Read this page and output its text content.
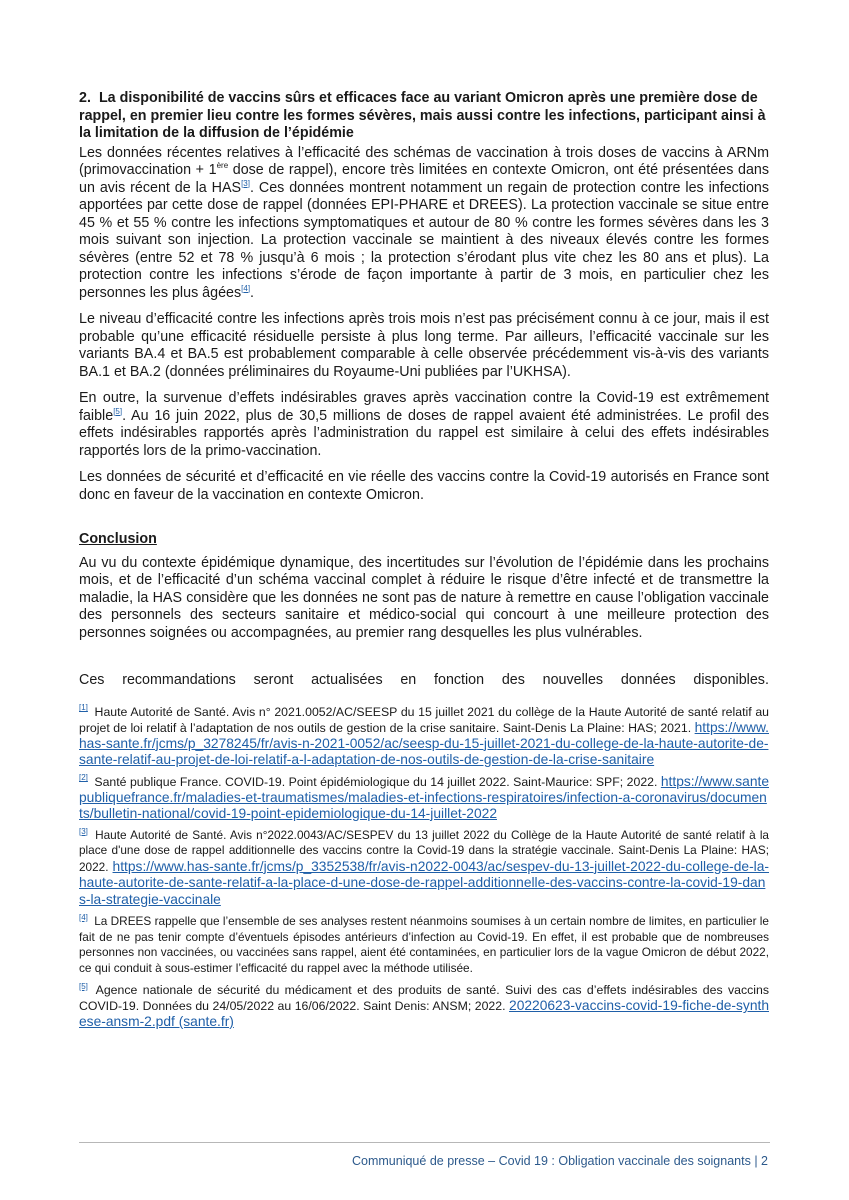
2. La disponibilité de vaccins sûrs et efficaces face au variant Omicron après une première dose de rappel, en premier lieu contre les formes sévères, mais aussi contre les infections, participant ainsi à la limitation de la diffusion de l’épidémie

Les données récentes relatives à l’efficacité des schémas de vaccination à trois doses de vaccins à ARNm (primovaccination + 1ère dose de rappel), encore très limitées en contexte Omicron, ont été présentées dans un avis récent de la HAS[3]. Ces données montrent notamment un regain de protection contre les infections apportées par cette dose de rappel (données EPI-PHARE et DREES). La protection vaccinale se situe entre 45 % et 55 % contre les infections symptomatiques et autour de 80 % contre les formes sévères dans les 3 mois suivant son injection. La protection vaccinale se maintient à des niveaux élevés contre les formes sévères (entre 52 et 78 % jusqu’à 6 mois ; la protection s’érodant plus vite chez les 80 ans et plus). La protection contre les infections s’érode de façon importante à partir de 3 mois, en particulier chez les personnes les plus âgées[4].

Le niveau d’efficacité contre les infections après trois mois n’est pas précisément connu à ce jour, mais il est probable qu’une efficacité résiduelle persiste à plus long terme. Par ailleurs, l’efficacité vaccinale sur les variants BA.4 et BA.5 est probablement comparable à celle observée précédemment vis-à-vis des variants BA.1 et BA.2 (données préliminaires du Royaume-Uni publiées par l’UKHSA).

En outre, la survenue d’effets indésirables graves après vaccination contre la Covid-19 est extrêmement faible[5]. Au 16 juin 2022, plus de 30,5 millions de doses de rappel avaient été administrées. Le profil des effets indésirables rapportés après l’administration du rappel est similaire à celui des effets indésirables rapportés lors de la primo-vaccination.

Les données de sécurité et d’efficacité en vie réelle des vaccins contre la Covid-19 autorisés en France sont donc en faveur de la vaccination en contexte Omicron.

Conclusion

Au vu du contexte épidémique dynamique, des incertitudes sur l’évolution de l’épidémie dans les prochains mois, et de l’efficacité d’un schéma vaccinal complet à réduire le risque d’être infecté et de transmettre la maladie, la HAS considère que les données ne sont pas de nature à remettre en cause l’obligation vaccinale des personnels des secteurs sanitaire et médico-social qui concourt à une meilleure protection des personnes soignées ou accompagnées, au premier rang desquelles les plus vulnérables.

Ces recommandations seront actualisées en fonction des nouvelles données disponibles.

[1] Haute Autorité de Santé. Avis n° 2021.0052/AC/SEESP du 15 juillet 2021 du collège de la Haute Autorité de santé relatif au projet de loi relatif à l’adaptation de nos outils de gestion de la crise sanitaire. Saint-Denis La Plaine: HAS; 2021. https://www.has-sante.fr/jcms/p_3278245/fr/avis-n-2021-0052/ac/seesp-du-15-juillet-2021-du-college-de-la-haute-autorite-de-sante-relatif-au-projet-de-loi-relatif-a-l-adaptation-de-nos-outils-de-gestion-de-la-crise-sanitaire

[2] Santé publique France. COVID-19. Point épidémiologique du 14 juillet 2022. Saint-Maurice: SPF; 2022. https://www.santepubliquefrance.fr/maladies-et-traumatismes/maladies-et-infections-respiratoires/infection-a-coronavirus/documents/bulletin-national/covid-19-point-epidemiologique-du-14-juillet-2022

[3] Haute Autorité de Santé. Avis n°2022.0043/AC/SESPEV du 13 juillet 2022 du Collège de la Haute Autorité de santé relatif à la place d'une dose de rappel additionnelle des vaccins contre la Covid-19 dans la stratégie vaccinale. Saint-Denis La Plaine: HAS; 2022. https://www.has-sante.fr/jcms/p_3352538/fr/avis-n2022-0043/ac/sespev-du-13-juillet-2022-du-college-de-la-haute-autorite-de-sante-relatif-a-la-place-d-une-dose-de-rappel-additionnelle-des-vaccins-contre-la-covid-19-dans-la-strategie-vaccinale

[4] La DREES rappelle que l’ensemble de ses analyses restent néanmoins soumises à un certain nombre de limites, en particulier le fait de ne pas tenir compte d’éventuels épisodes antérieurs d’infection au Covid-19. En effet, il est probable que de nombreuses personnes non vaccinées, ou vaccinées sans rappel, aient été contaminées, en particulier lors de la vague Omicron de début 2022, ce qui conduit à sous-estimer l’efficacité du rappel avec la méthode utilisée.

[5] Agence nationale de sécurité du médicament et des produits de santé. Suivi des cas d’effets indésirables des vaccins COVID-19. Données du 24/05/2022 au 16/06/2022. Saint Denis: ANSM; 2022. 20220623-vaccins-covid-19-fiche-de-synthese-ansm-2.pdf (sante.fr)

Communiqué de presse – Covid 19 : Obligation vaccinale des soignants | 2
